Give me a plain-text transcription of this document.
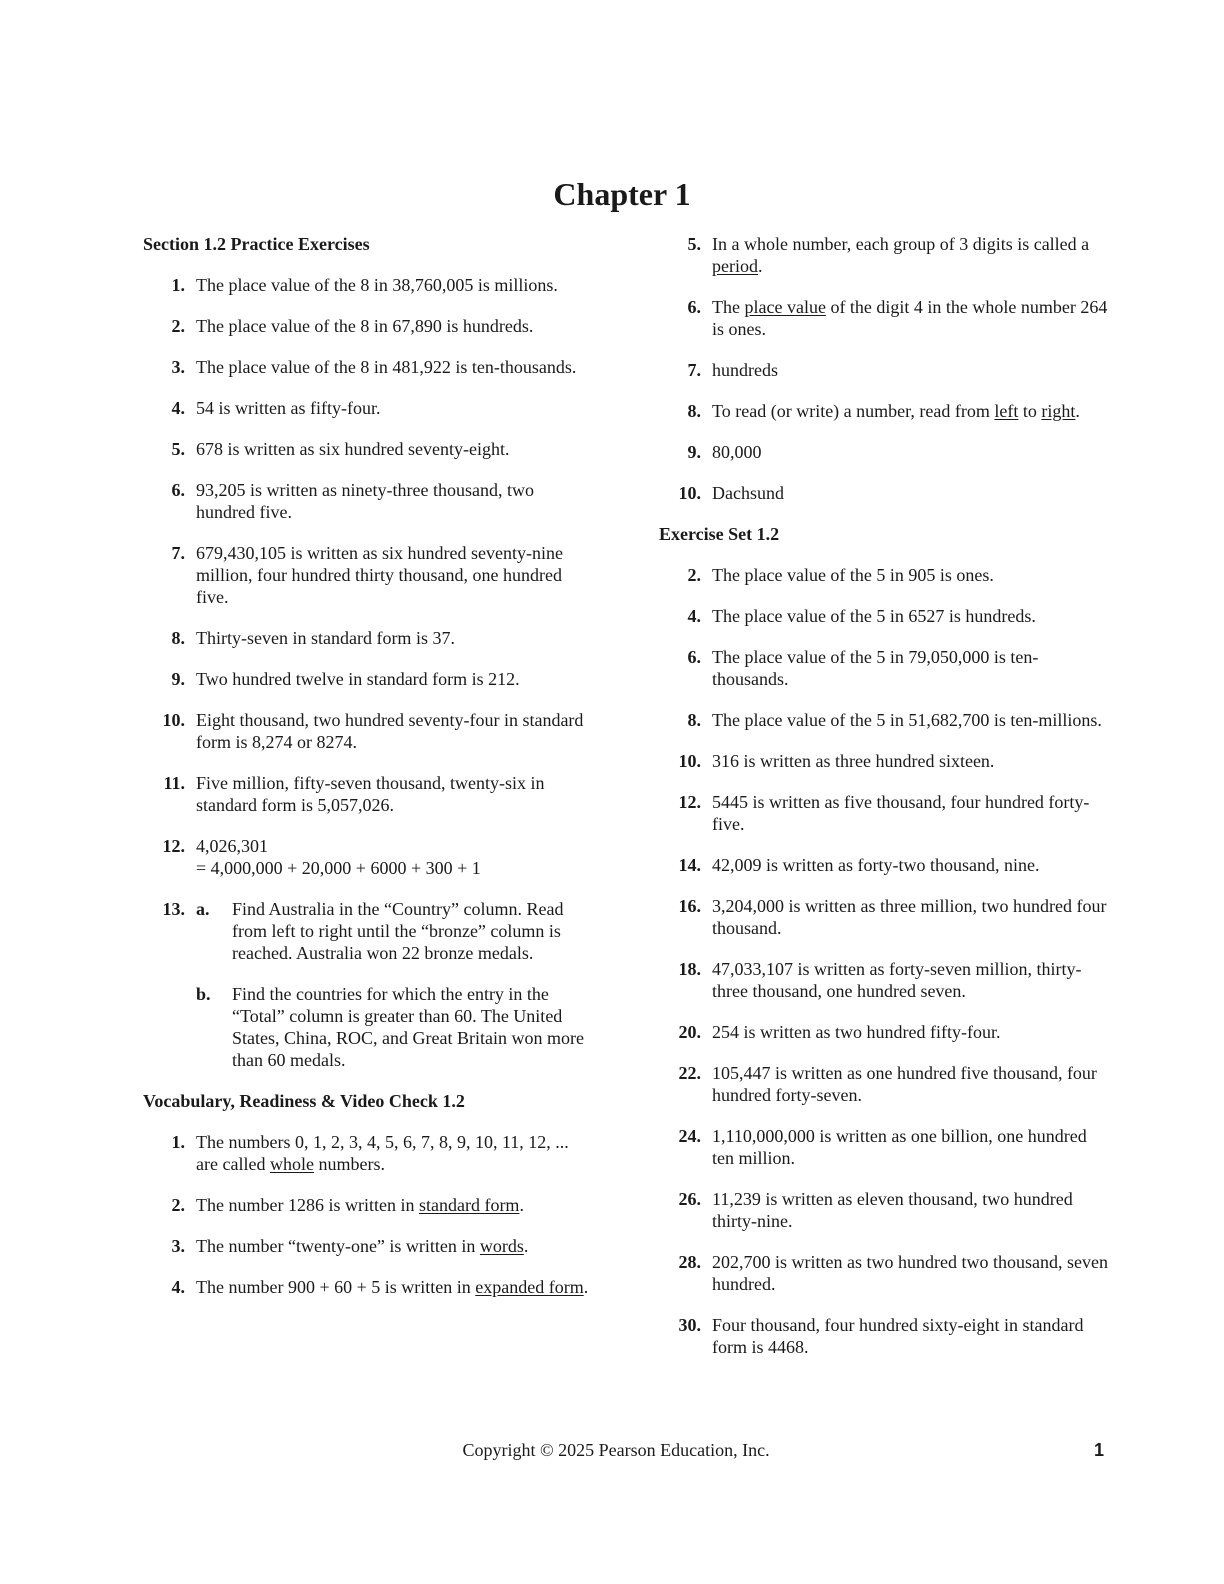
Chapter 1
Section 1.2 Practice Exercises
1. The place value of the 8 in 38,760,005 is millions.
2. The place value of the 8 in 67,890 is hundreds.
3. The place value of the 8 in 481,922 is ten-thousands.
4. 54 is written as fifty-four.
5. 678 is written as six hundred seventy-eight.
6. 93,205 is written as ninety-three thousand, two hundred five.
7. 679,430,105 is written as six hundred seventy-nine million, four hundred thirty thousand, one hundred five.
8. Thirty-seven in standard form is 37.
9. Two hundred twelve in standard form is 212.
10. Eight thousand, two hundred seventy-four in standard form is 8,274 or 8274.
11. Five million, fifty-seven thousand, twenty-six in standard form is 5,057,026.
12. 4,026,301
= 4,000,000 + 20,000 + 6000 + 300 + 1
13. a.	Find Australia in the “Country” column. Read from left to right until the “bronze” column is reached. Australia won 22 bronze medals.
b.	Find the countries for which the entry in the “Total” column is greater than 60. The United States, China, ROC, and Great Britain won more than 60 medals.
Vocabulary, Readiness & Video Check 1.2
1. The numbers 0, 1, 2, 3, 4, 5, 6, 7, 8, 9, 10, 11, 12, ... are called whole numbers.
2. The number 1286 is written in standard form.
3. The number “twenty-one” is written in words.
4. The number 900 + 60 + 5 is written in expanded form.
5. In a whole number, each group of 3 digits is called a period.
6. The place value of the digit 4 in the whole number 264 is ones.
7. hundreds
8. To read (or write) a number, read from left to right.
9. 80,000
10. Dachsund
Exercise Set 1.2
2. The place value of the 5 in 905 is ones.
4. The place value of the 5 in 6527 is hundreds.
6. The place value of the 5 in 79,050,000 is ten-thousands.
8. The place value of the 5 in 51,682,700 is ten-millions.
10. 316 is written as three hundred sixteen.
12. 5445 is written as five thousand, four hundred forty-five.
14. 42,009 is written as forty-two thousand, nine.
16. 3,204,000 is written as three million, two hundred four thousand.
18. 47,033,107 is written as forty-seven million, thirty-three thousand, one hundred seven.
20. 254 is written as two hundred fifty-four.
22. 105,447 is written as one hundred five thousand, four hundred forty-seven.
24. 1,110,000,000 is written as one billion, one hundred ten million.
26. 11,239 is written as eleven thousand, two hundred thirty-nine.
28. 202,700 is written as two hundred two thousand, seven hundred.
30. Four thousand, four hundred sixty-eight in standard form is 4468.
Copyright © 2025 Pearson Education, Inc.	1
